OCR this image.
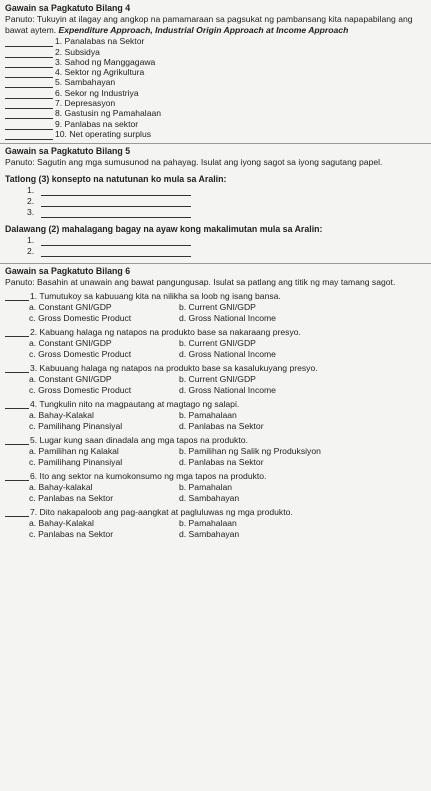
Gawain sa Pagkatuto Bilang 4

Panuto: Tukuyin at ilagay ang angkop na pamamaraan sa pagsukat ng pambansang kita napapabilang ang bawat aytem. Expenditure Approach, Industrial Origin Approach at Income Approach

1. Panalabas na Sektor
2. Subsidya
3. Sahod ng Manggagawa
4. Sektor ng Agrikultura
5. Sambahayan
6. Sekor ng Industriya
7. Depresasyon
8. Gastusin ng Pamahalaan
9. Panlabas na sektor
10. Net operating surplus
Gawain sa Pagkatuto Bilang 5

Panuto: Sagutin ang mga sumusunod na pahayag. Isulat ang iyong sagot sa iyong sagutang papel.

Tatlong (3) konsepto na natutunan ko mula sa Aralin:
1.
2.
3.
Dalawang (2) mahalagang bagay na ayaw kong makalimutan mula sa Aralin:
1.
2.
Gawain sa Pagkatuto Bilang 6

Panuto: Basahin at unawain ang bawat pangungusap. Isulat sa patlang ang titik ng may tamang sagot.

1. Tumutukoy sa kabuuang kita na nilikha sa loob ng isang bansa.
a. Constant GNI/GDP	b. Current GNI/GDP
c. Gross Domestic Product	d. Gross National Income
2. Kabuang halaga ng natapos na produkto base sa nakaraang presyo.
a. Constant GNI/GDP	b. Current GNI/GDP
c. Gross Domestic Product	d. Gross National Income
3. Kabuuang halaga ng natapos na produkto base sa kasalukuyang presyo.
a. Constant GNI/GDP	b. Current GNI/GDP
c. Gross Domestic Product	d. Gross National Income
4. Tungkulin nito na magpautang at magtago ng salapi.
a. Bahay-Kalakal	b. Pamahalaan
c. Pamilihang Pinansiyal	d. Panlabas na Sektor
5. Lugar kung saan dinadala ang mga tapos na produkto.
a. Pamilihan ng Kalakal	b. Pamilihan ng Salik ng Produksiyon
c. Pamilihang Pinansiyal	d. Panlabas na Sektor
6. Ito ang sektor na kumokonsumo ng mga tapos na produkto.
a. Bahay-kalakal	b. Pamahalan
c. Panlabas na Sektor	d. Sambahayan
7. Dito nakapaloob ang pag-aangkat at pagluluwas ng mga produkto.
a. Bahay-Kalakal	b. Pamahalaan
c. Panlabas na Sektor	d. Sambahayan
